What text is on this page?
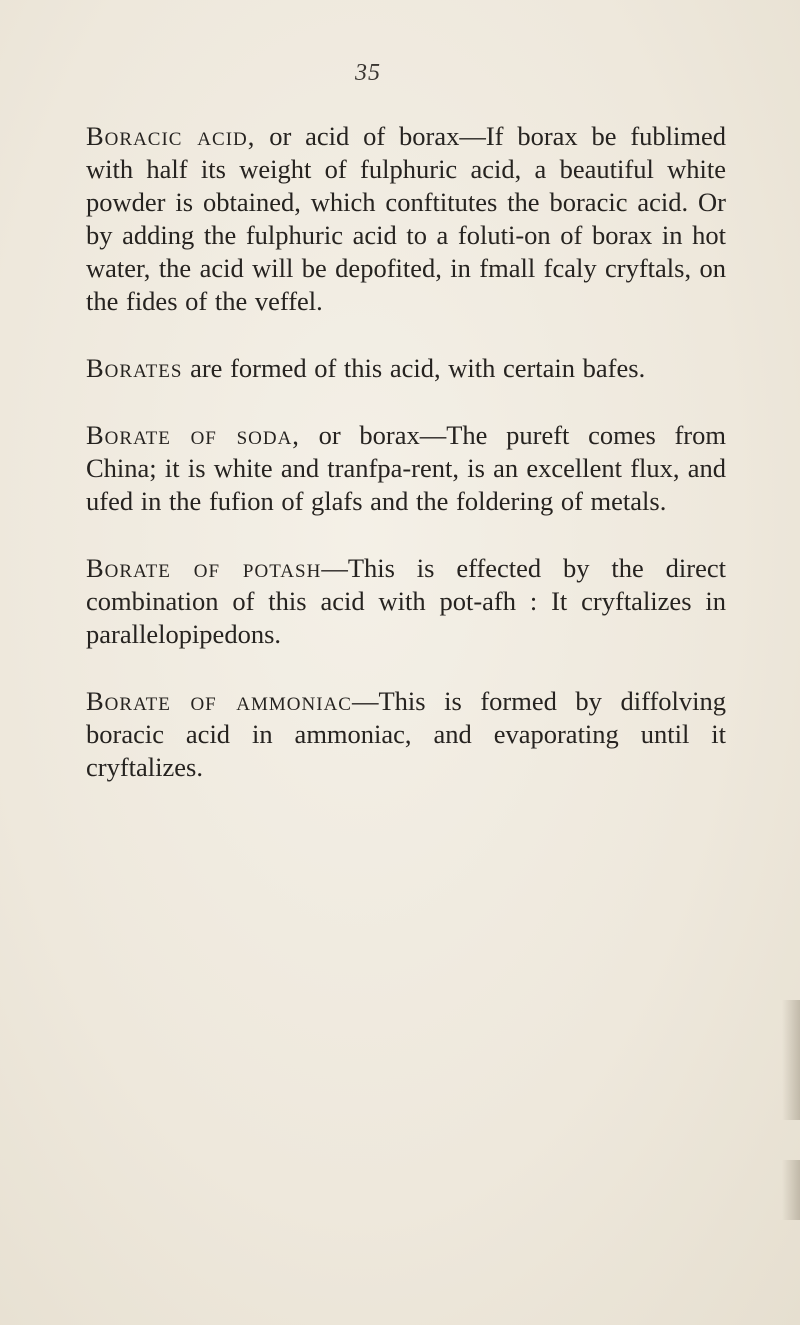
35

Boracic acid, or acid of borax—If borax be fublimed with half its weight of fulphuric acid, a beautiful white powder is obtained, which conftitutes the boracic acid. Or by adding the fulphuric acid to a foluti-on of borax in hot water, the acid will be depofited, in fmall fcaly cryftals, on the fides of the veffel.

Borates are formed of this acid, with certain bafes.

Borate of soda, or borax—The pureft comes from China; it is white and tranfpa-rent, is an excellent flux, and ufed in the fufion of glafs and the foldering of metals.

Borate of potash—This is effected by the direct combination of this acid with pot-afh : It cryftalizes in parallelopipedons.

Borate of ammoniac—This is formed by diffolving boracic acid in ammoniac, and evaporating until it cryftalizes.
